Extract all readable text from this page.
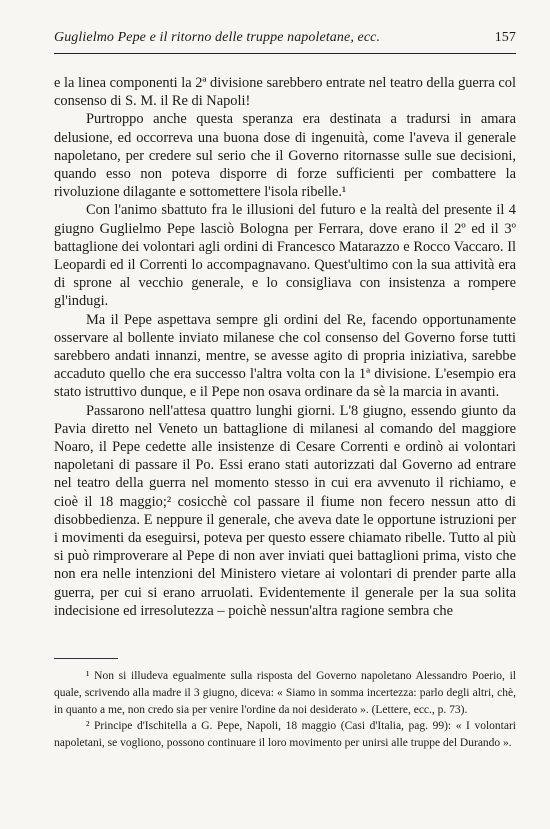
Guglielmo Pepe e il ritorno delle truppe napoletane, ecc.	157

e la linea componenti la 2ª divisione sarebbero entrate nel teatro della guerra col consenso di S. M. il Re di Napoli!

Purtroppo anche questa speranza era destinata a tradursi in amara delusione, ed occorreva una buona dose di ingenuità, come l'aveva il generale napoletano, per credere sul serio che il Governo ritornasse sulle sue decisioni, quando esso non poteva disporre di forze sufficienti per combattere la rivoluzione dilagante e sottomettere l'isola ribelle.¹

Con l'animo sbattuto fra le illusioni del futuro e la realtà del presente il 4 giugno Guglielmo Pepe lasciò Bologna per Ferrara, dove erano il 2º ed il 3º battaglione dei volontari agli ordini di Francesco Matarazzo e Rocco Vaccaro. Il Leopardi ed il Correnti lo accompagnavano. Quest'ultimo con la sua attività era di sprone al vecchio generale, e lo consigliava con insistenza a rompere gl'indugi.

Ma il Pepe aspettava sempre gli ordini del Re, facendo opportunamente osservare al bollente inviato milanese che col consenso del Governo forse tutti sarebbero andati innanzi, mentre, se avesse agito di propria iniziativa, sarebbe accaduto quello che era successo l'altra volta con la 1ª divisione. L'esempio era stato istruttivo dunque, e il Pepe non osava ordinare da sè la marcia in avanti.

Passarono nell'attesa quattro lunghi giorni. L'8 giugno, essendo giunto da Pavia diretto nel Veneto un battaglione di milanesi al comando del maggiore Noaro, il Pepe cedette alle insistenze di Cesare Correnti e ordinò ai volontari napoletani di passare il Po. Essi erano stati autorizzati dal Governo ad entrare nel teatro della guerra nel momento stesso in cui era avvenuto il richiamo, e cioè il 18 maggio;² cosicchè col passare il fiume non fecero nessun atto di disobbedienza. E neppure il generale, che aveva date le opportune istruzioni per i movimenti da eseguirsi, poteva per questo essere chiamato ribelle. Tutto al più si può rimproverare al Pepe di non aver inviati quei battaglioni prima, visto che non era nelle intenzioni del Ministero vietare ai volontari di prender parte alla guerra, per cui si erano arruolati. Evidentemente il generale per la sua solita indecisione ed irresolutezza – poichè nessun'altra ragione sembra che

¹ Non si illudeva egualmente sulla risposta del Governo napoletano Alessandro Poerio, il quale, scrivendo alla madre il 3 giugno, diceva: « Siamo in somma incertezza: parlo degli altri, chè, in quanto a me, non credo sia per venire l'ordine da noi desiderato ». (Lettere, ecc., p. 73).

² Principe d'Ischitella a G. Pepe, Napoli, 18 maggio (Casi d'Italia, pag. 99): « I volontari napoletani, se vogliono, possono continuare il loro movimento per unirsi alle truppe del Durando ».
